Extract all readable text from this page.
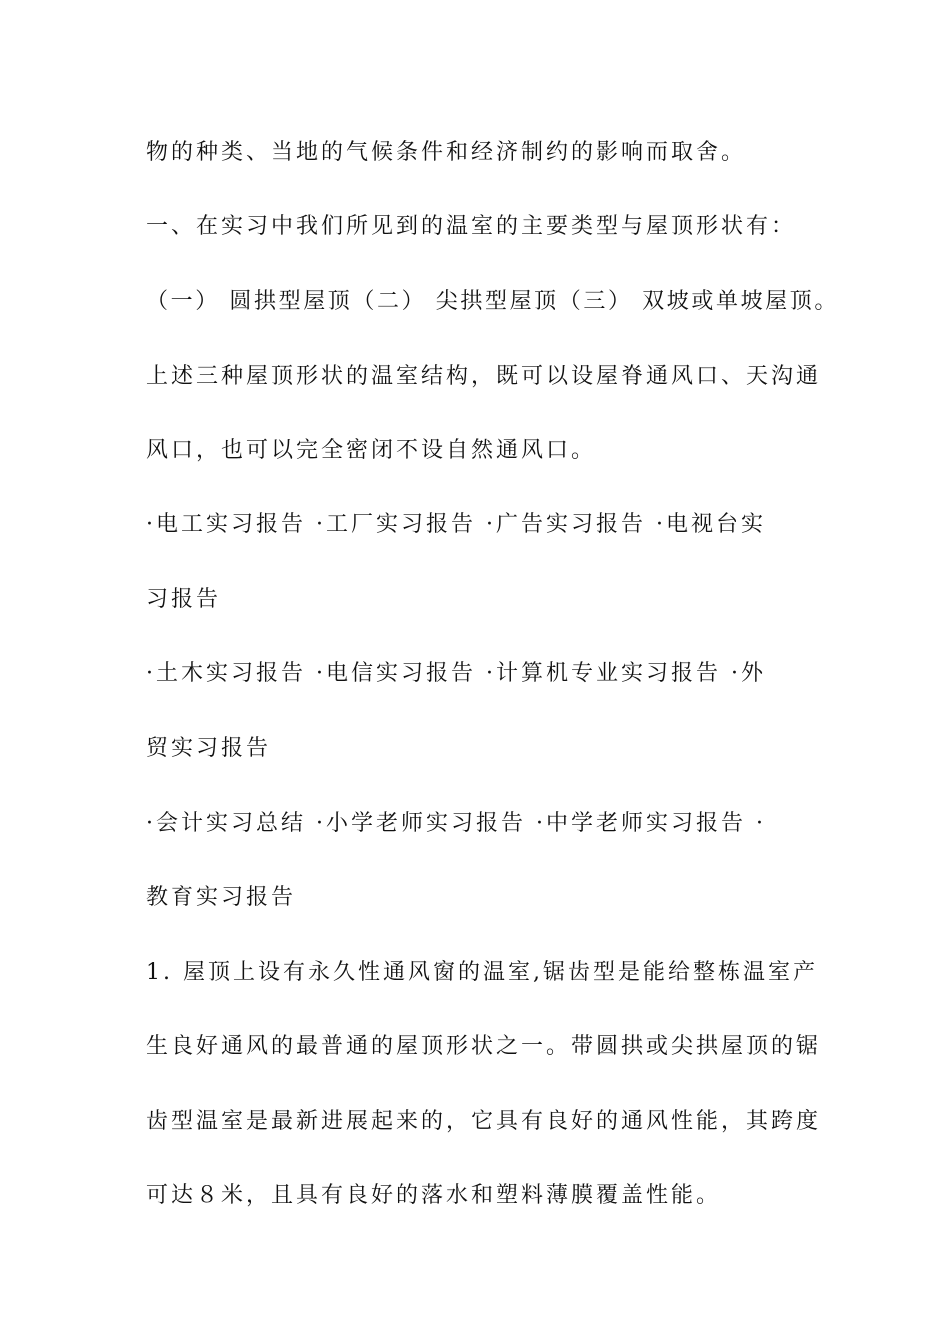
物的种类、当地的气候条件和经济制约的影响而取舍。
一、在实习中我们所见到的温室的主要类型与屋顶形状有：
（一） 圆拱型屋顶（二） 尖拱型屋顶（三） 双坡或单坡屋顶。
上述三种屋顶形状的温室结构，既可以设屋脊通风口、天沟通
风口，也可以完全密闭不设自然通风口。
·电工实习报告 ·工厂实习报告 ·广告实习报告 ·电视台实
习报告
·土木实习报告 ·电信实习报告 ·计算机专业实习报告 ·外
贸实习报告
·会计实习总结 ·小学老师实习报告 ·中学老师实习报告 ·
教育实习报告
1. 屋顶上设有永久性通风窗的温室,锯齿型是能给整栋温室产
生良好通风的最普通的屋顶形状之一。带圆拱或尖拱屋顶的锯
齿型温室是最新进展起来的，它具有良好的通风性能，其跨度
可达８米，且具有良好的落水和塑料薄膜覆盖性能。
